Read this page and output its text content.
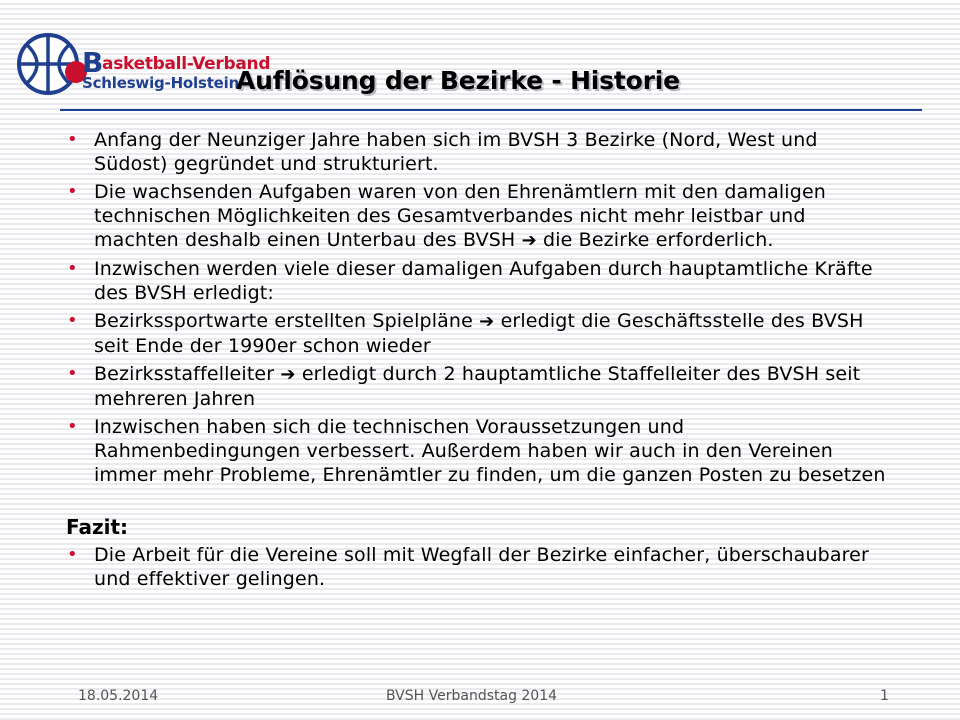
Basketball-Verband
Schleswig-Holstein
Auflösung der Bezirke - Historie
• Anfang der Neunziger Jahre haben sich im BVSH 3 Bezirke (Nord, West und Südost) gegründet und strukturiert.
• Die wachsenden Aufgaben waren von den Ehrenämtlern mit den damaligen technischen Möglichkeiten des Gesamtverbandes nicht mehr leistbar und machten deshalb einen Unterbau des BVSH ➔ die Bezirke erforderlich.
• Inzwischen werden viele dieser damaligen Aufgaben durch hauptamtliche Kräfte des BVSH erledigt:
• Bezirkssportwarte erstellten Spielpläne ➔ erledigt die Geschäftsstelle des BVSH seit Ende der 1990er schon wieder
• Bezirksstaffelleiter ➔ erledigt durch 2 hauptamtliche Staffelleiter des BVSH seit mehreren Jahren
• Inzwischen haben sich die technischen Voraussetzungen und Rahmenbedingungen verbessert. Außerdem haben wir auch in den Vereinen immer mehr Probleme, Ehrenämtler zu finden, um die ganzen Posten zu besetzen
Fazit:
• Die Arbeit für die Vereine soll mit Wegfall der Bezirke einfacher, überschaubarer und effektiver gelingen.
18.05.2014	BVSH Verbandstag 2014	1
